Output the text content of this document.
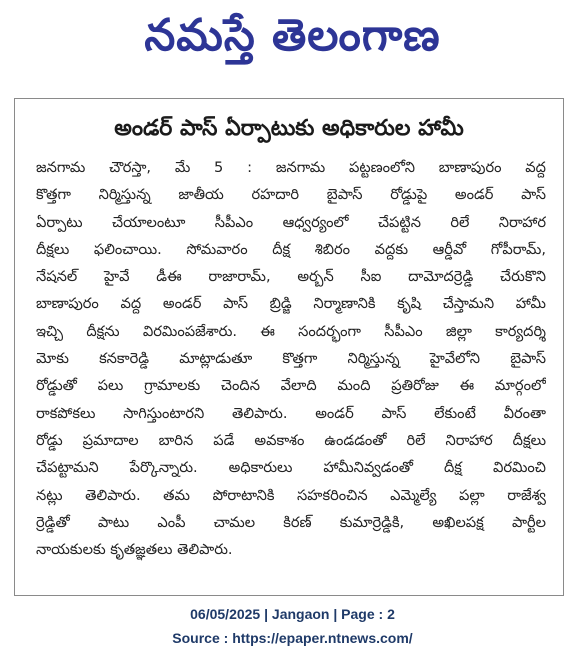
నమస్తే తెలంగాణ
అండర్ పాస్ ఏర్పాటుకు అధికారుల హామీ
జనగామ చౌరస్తా, మే 5 : జనగామ పట్టణంలోని బాణాపురం వద్ద
కొత్తగా నిర్మిస్తున్న జాతీయ రహదారి బైపాస్ రోడ్డుపై అండర్ పాస్
ఏర్పాటు చేయాలంటూ సీపీఎం ఆధ్వర్యంలో చేపట్టిన రిలే నిరాహార
దీక్షలు ఫలించాయి. సోమవారం దీక్ష శిబిరం వద్దకు ఆర్డీవో గోపీరామ్,
నేషనల్ హైవే డీఈ రాజారామ్, అర్బన్ సీఐ దామోదర్రెడ్డి చేరుకొని
బాణాపురం వద్ద అండర్ పాస్ బ్రిడ్జి నిర్మాణానికి కృషి చేస్తామని హామీ
ఇచ్చి దీక్షను విరమింపజేశారు. ఈ సందర్భంగా సీపీఎం జిల్లా కార్యదర్శి
మోకు కనకారెడ్డి మాట్లాడుతూ కొత్తగా నిర్మిస్తున్న హైవేలోని బైపాస్
రోడ్డుతో పలు గ్రామాలకు చెందిన వేలాది మంది ప్రతిరోజు ఈ మార్గంలో
రాకపోకలు సాగిస్తుంటారని తెలిపారు. అండర్ పాస్ లేకుంటే వీరంతా
రోడ్డు ప్రమాదాల బారిన పడే అవకాశం ఉండడంతో రిలే నిరాహార దీక్షలు
చేపట్టామని పేర్కొన్నారు. అధికారులు హామీనివ్వడంతో దీక్ష విరమించి
నట్లు తెలిపారు. తమ పోరాటానికి సహకరించిన ఎమ్మెల్యే పల్లా రాజేశ్వ
ర్రెడ్డితో పాటు ఎంపీ చామల కిరణ్ కుమార్రెడ్డికి, అఖిలపక్ష పార్టీల
నాయకులకు కృతజ్ఞతలు తెలిపారు.
06/05/2025 | Jangaon | Page : 2
Source : https://epaper.ntnews.com/
